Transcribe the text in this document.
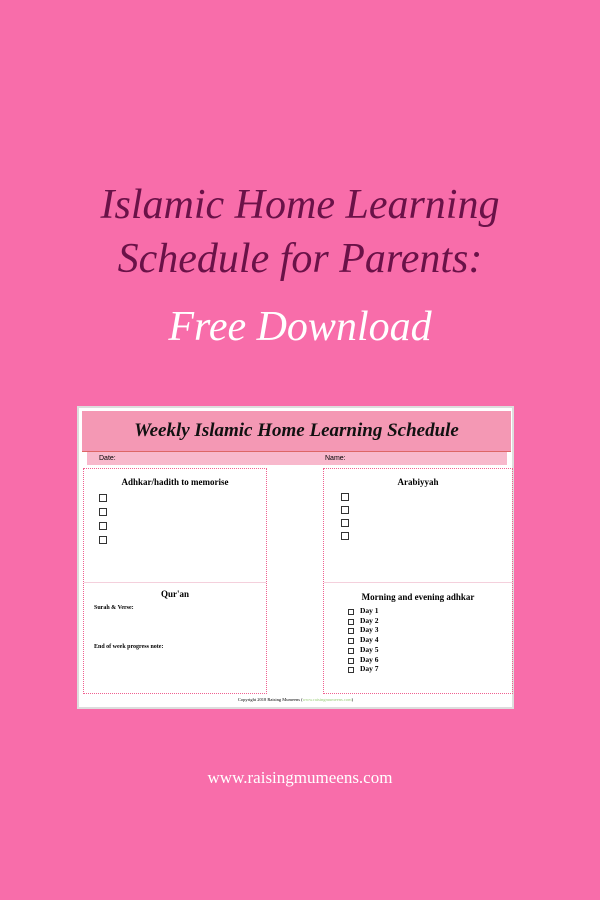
Islamic Home Learning
Schedule for Parents:
Free Download
Weekly Islamic Home Learning Schedule
Date:	Name:
Adhkar/hadith to memorise
Qur'an
Surah & Verse:
End of week progress note:
Arabiyyah
Morning and evening adhkar
Day 1
Day 2
Day 3
Day 4
Day 5
Day 6
Day 7
Copyright 2018 Raising Mumeens (www.raisingmumeens.com)
www.raisingmumeens.com
